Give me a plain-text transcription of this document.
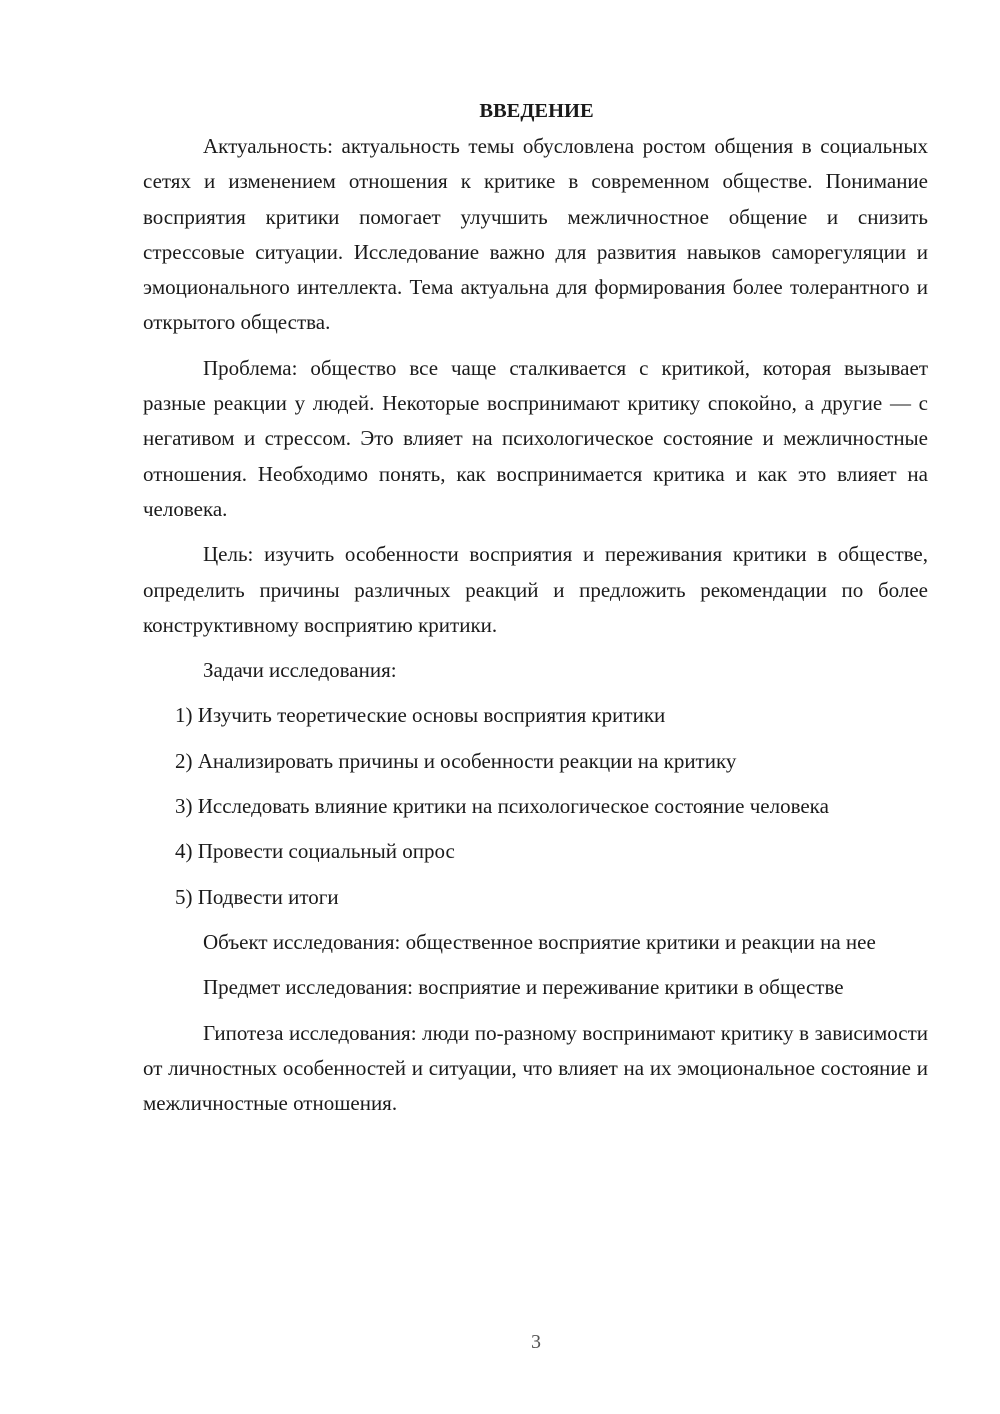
ВВЕДЕНИЕ

Актуальность: актуальность темы обусловлена ростом общения в социальных сетях и изменением отношения к критике в современном обществе. Понимание восприятия критики помогает улучшить межличностное общение и снизить стрессовые ситуации. Исследование важно для развития навыков саморегуляции и эмоционального интеллекта. Тема актуальна для формирования более толерантного и открытого общества.

Проблема: общество все чаще сталкивается с критикой, которая вызывает разные реакции у людей. Некоторые воспринимают критику спокойно, а другие — с негативом и стрессом. Это влияет на психологическое состояние и межличностные отношения. Необходимо понять, как воспринимается критика и как это влияет на человека.

Цель: изучить особенности восприятия и переживания критики в обществе, определить причины различных реакций и предложить рекомендации по более конструктивному восприятию критики.

Задачи исследования:

1) Изучить теоретические основы восприятия критики

2) Анализировать причины и особенности реакции на критику

3) Исследовать влияние критики на психологическое состояние человека

4) Провести социальный опрос

5) Подвести итоги

Объект исследования: общественное восприятие критики и реакции на нее

Предмет исследования: восприятие и переживание критики в обществе

Гипотеза исследования: люди по-разному воспринимают критику в зависимости от личностных особенностей и ситуации, что влияет на их эмоциональное состояние и межличностные отношения.

3
